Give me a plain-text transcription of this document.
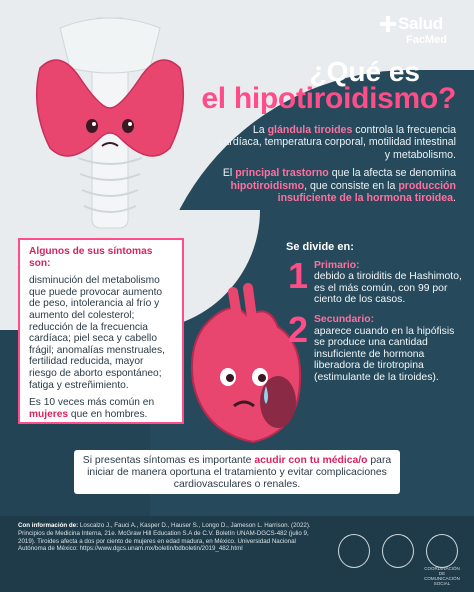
Salud
FacMed
¿Qué es
el hipotiroidismo?

La glándula tiroides controla la frecuencia cardíaca, temperatura corporal, motilidad intestinal y metabolismo.

El principal trastorno que la afecta se denomina hipotiroidismo, que consiste en la producción insuficiente de la hormona tiroidea.

Algunos de sus síntomas son:

disminución del metabolismo que puede provocar aumento de peso, intolerancia al frío y aumento del colesterol; reducción de la frecuencia cardíaca; piel seca y cabello frágil; anomalías menstruales, fertilidad reducida, mayor riesgo de aborto espontáneo; fatiga y estreñimiento.

Es 10 veces más común en mujeres que en hombres.

Se divide en:
1 Primario:
debido a tiroiditis de Hashimoto, es el más común, con 99 por ciento de los casos.
2 Secundario:
aparece cuando en la hipófisis se produce una cantidad insuficiente de hormona liberadora de tirotropina (estimulante de la tiroides).
Si presentas síntomas es importante acudir con tu médica/o para iniciar de manera oportuna el tratamiento y evitar complicaciones cardiovasculares o renales.
Con información de: Loscalzo J., Fauci A., Kasper D., Hauser S., Longo D., Jameson L. Harrison. (2022). Principios de Medicina Interna, 21e. McGraw Hill Education S.A de C.V. Boletín UNAM-DGCS-482 (julio 9, 2019). Tiroides afecta a dos por ciento de mujeres en edad madura, en México. Universidad Nacional Autónoma de México: https://www.dgcs.unam.mx/boletin/bdboletin/2019_482.html
COORDINACIÓN DE COMUNICACIÓN SOCIAL
